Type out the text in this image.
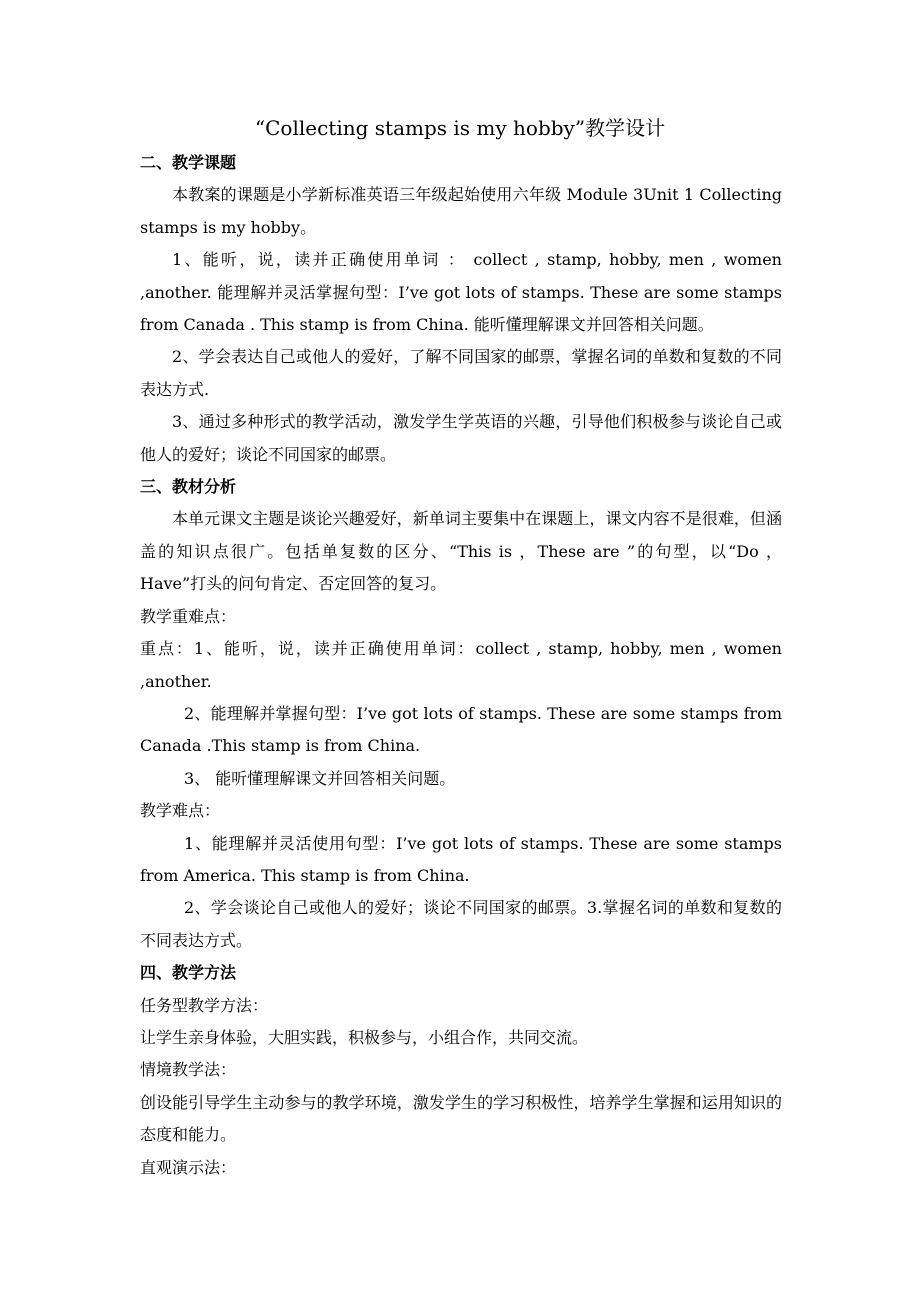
“Collecting stamps is my hobby”教学设计

二、教学课题

本教案的课题是小学新标准英语三年级起始使用六年级 Module 3Unit 1 Collecting stamps is my hobby。

1、能听，说，读并正确使用单词 ： collect , stamp, hobby, men , women ,another. 能理解并灵活掌握句型：I’ve got lots of stamps. These are some stamps from Canada . This stamp is from China. 能听懂理解课文并回答相关问题。

2、学会表达自己或他人的爱好，了解不同国家的邮票，掌握名词的单数和复数的不同表达方式.

3、通过多种形式的教学活动，激发学生学英语的兴趣，引导他们积极参与谈论自己或他人的爱好；谈论不同国家的邮票。

三、教材分析

本单元课文主题是谈论兴趣爱好，新单词主要集中在课题上，课文内容不是很难，但涵盖的知识点很广。包括单复数的区分、“This is ，These are ”的句型，以“Do ，Have”打头的问句肯定、否定回答的复习。

教学重难点：

重点：1、能听，说，读并正确使用单词：collect , stamp, hobby, men , women ,another.

2、能理解并掌握句型：I’ve got lots of stamps. These are some stamps from Canada .This stamp is from China.

3、 能听懂理解课文并回答相关问题。

教学难点：

1、能理解并灵活使用句型：I’ve got lots of stamps. These are some stamps from America. This stamp is from China.

2、学会谈论自己或他人的爱好；谈论不同国家的邮票。3.掌握名词的单数和复数的不同表达方式。

四、教学方法

任务型教学方法：

让学生亲身体验，大胆实践，积极参与，小组合作，共同交流。

情境教学法：

创设能引导学生主动参与的教学环境，激发学生的学习积极性，培养学生掌握和运用知识的态度和能力。

直观演示法：
